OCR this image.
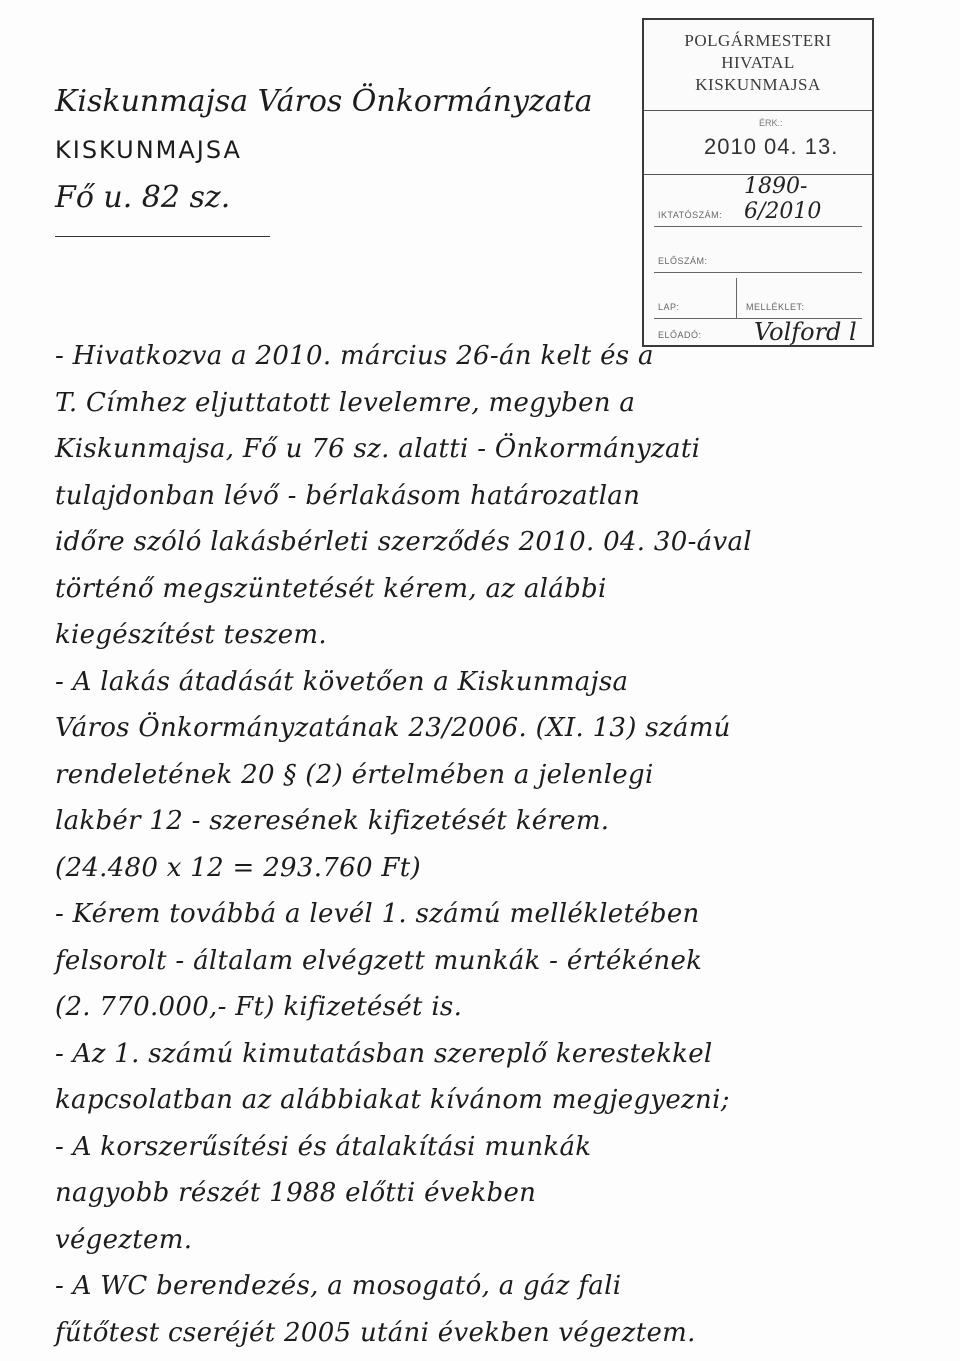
Kiskunmajsa Város Önkormányzata
KISKUNMAJSA
Fő u. 82 sz.
POLGÁRMESTERI
HIVATAL
KISKUNMAJSA
ÉRK.:
2010 04. 13.
IKTATÓSZÁM:
1890-6/2010
ELŐSZÁM:
LAP:	MELLÉKLET:
ELŐADÓ: Volford l
- Hivatkozva a 2010. március 26-án kelt és a
T. Címhez eljuttatott levelemre, megyben a
Kiskunmajsa, Fő u 76 sz. alatti - Önkormányzati
tulajdonban lévő - bérlakásom határozatlan
időre szóló lakásbérleti szerződés 2010. 04. 30-ával
történő megszüntetését kérem, az alábbi
kiegészítést teszem.
- A lakás átadását követően a Kiskunmajsa
Város Önkormányzatának 23/2006. (XI. 13) számú
rendeletének 20 § (2) értelmében a jelenlegi
lakbér 12 - szeresének kifizetését kérem.
(24.480 x 12 = 293.760 Ft)
- Kérem továbbá a levél 1. számú mellékletében
felsorolt - általam elvégzett munkák - értékének
(2. 770.000,- Ft) kifizetését is.
- Az 1. számú kimutatásban szereplő kerestekkel
kapcsolatban az alábbiakat kívánom megjegyezni;
- A korszerűsítési és átalakítási munkák
nagyobb részét 1988 előtti években
végeztem.
- A WC berendezés, a mosogató, a gáz fali
fűtőtest cseréjét 2005 utáni években végeztem.
